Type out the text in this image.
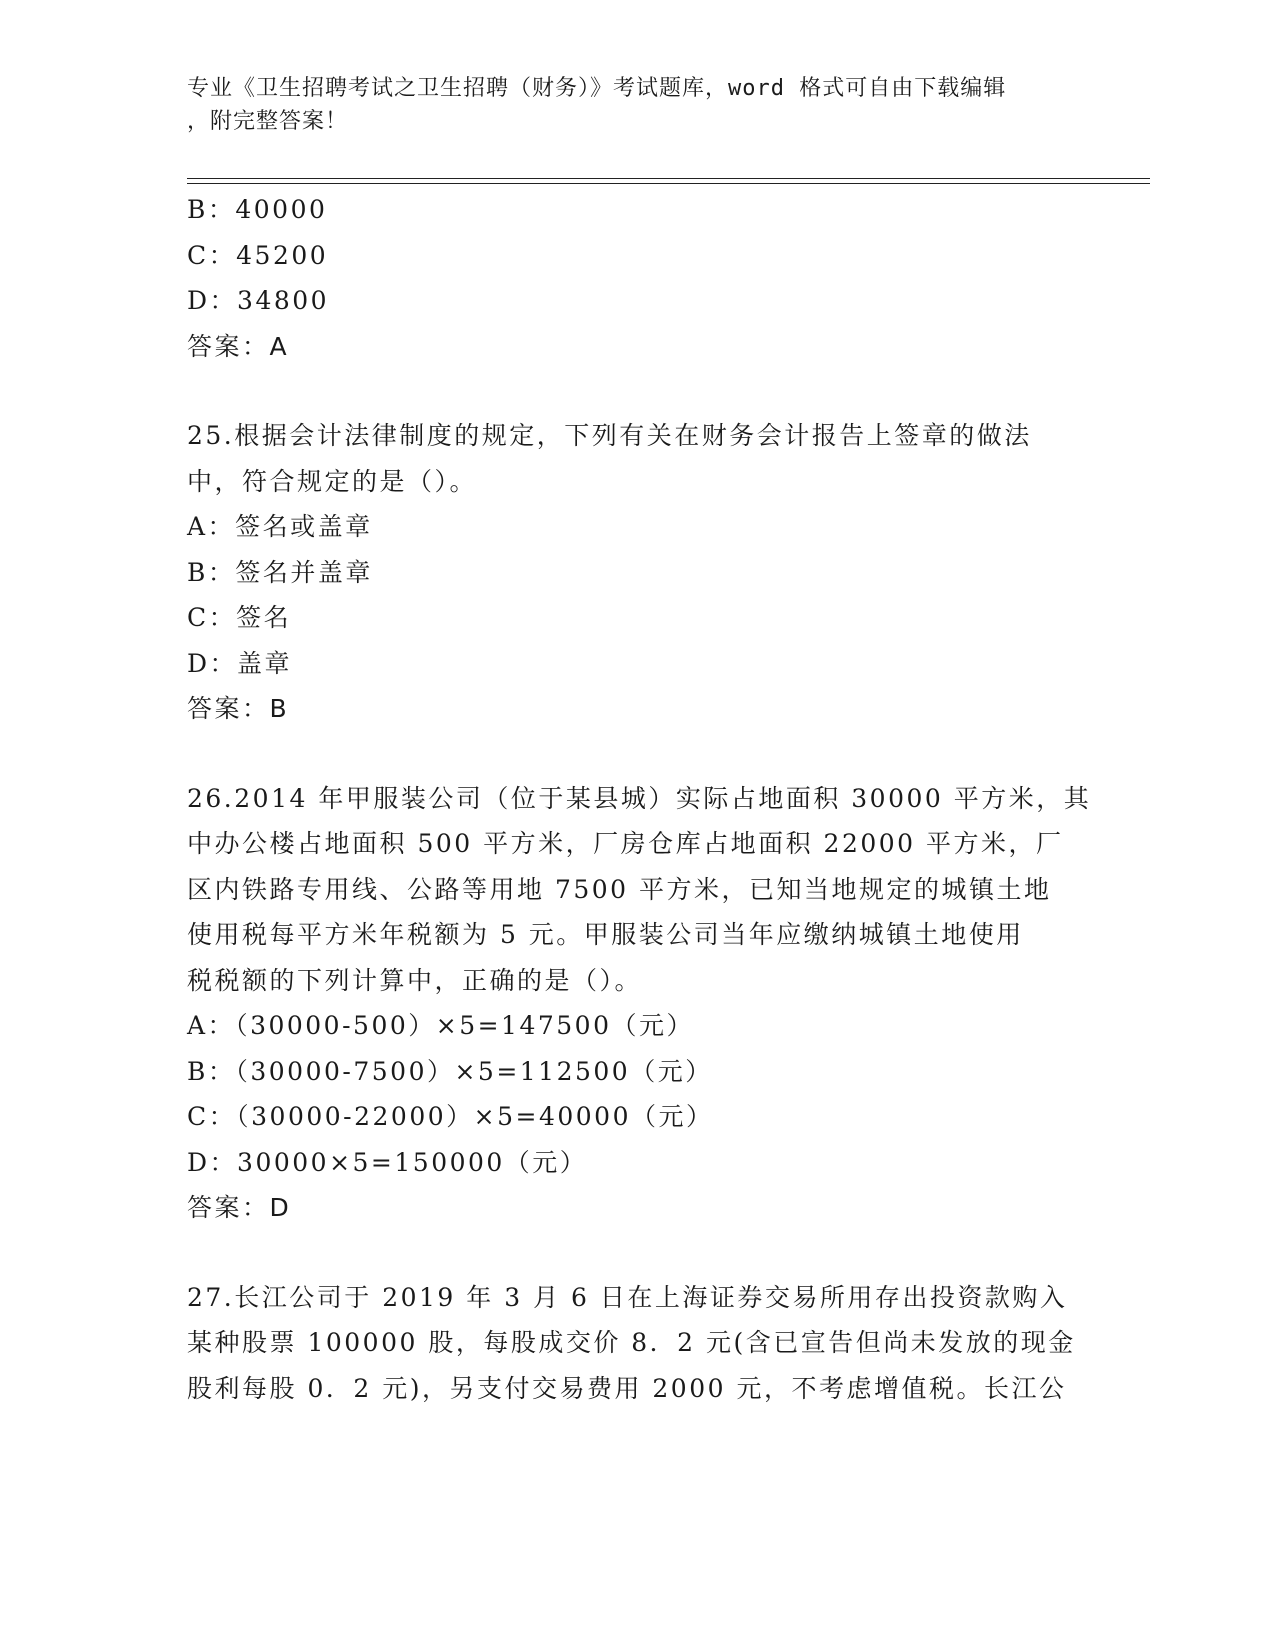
专业《卫生招聘考试之卫生招聘（财务）》考试题库，word 格式可自由下载编辑
，附完整答案！
B：40000
C：45200
D：34800
答案：A
25.根据会计法律制度的规定，下列有关在财务会计报告上签章的做法
中，符合规定的是（）。
A：签名或盖章
B：签名并盖章
C：签名
D：盖章
答案：B
26.2014 年甲服装公司（位于某县城）实际占地面积 30000 平方米，其
中办公楼占地面积 500 平方米，厂房仓库占地面积 22000 平方米，厂
区内铁路专用线、公路等用地 7500 平方米，已知当地规定的城镇土地
使用税每平方米年税额为 5 元。甲服装公司当年应缴纳城镇土地使用
税税额的下列计算中，正确的是（）。
A：（30000-500）×5=147500（元）
B：（30000-7500）×5=112500（元）
C：（30000-22000）×5=40000（元）
D：30000×5=150000（元）
答案：D
27.长江公司于 2019 年 3 月 6 日在上海证券交易所用存出投资款购入
某种股票 100000 股，每股成交价 8．2 元(含已宣告但尚未发放的现金
股利每股 0．2 元)，另支付交易费用 2000 元，不考虑增值税。长江公
